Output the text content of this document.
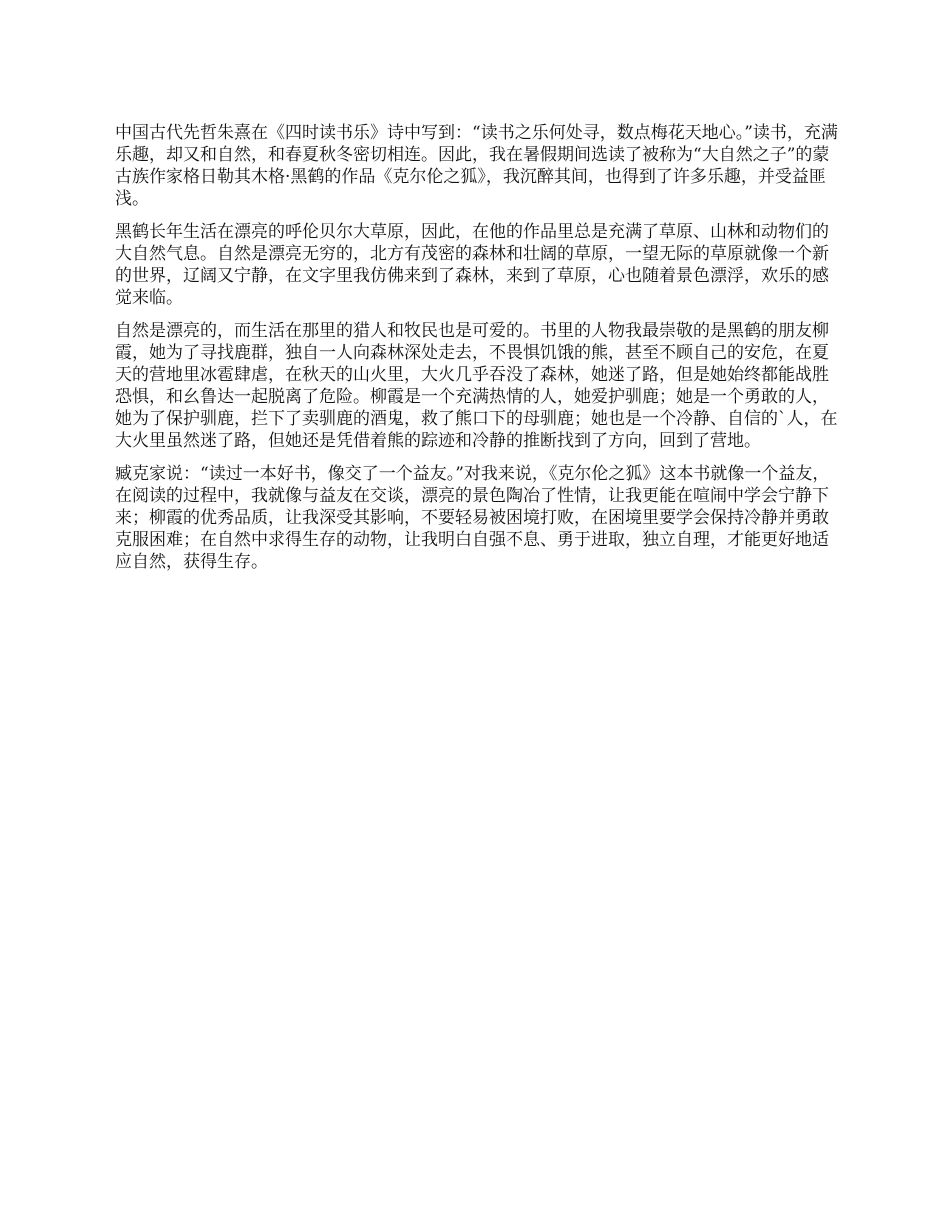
中国古代先哲朱熹在《四时读书乐》诗中写到：“读书之乐何处寻，数点梅花天地心。”读书，充满乐趣，却又和自然，和春夏秋冬密切相连。因此，我在暑假期间选读了被称为“大自然之子”的蒙古族作家格日勒其木格·黑鹤的作品《克尔伦之狐》，我沉醉其间，也得到了许多乐趣，并受益匪浅。

黑鹤长年生活在漂亮的呼伦贝尔大草原，因此，在他的作品里总是充满了草原、山林和动物们的大自然气息。自然是漂亮无穷的，北方有茂密的森林和壮阔的草原，一望无际的草原就像一个新的世界，辽阔又宁静，在文字里我仿佛来到了森林，来到了草原，心也随着景色漂浮，欢乐的感觉来临。

自然是漂亮的，而生活在那里的猎人和牧民也是可爱的。书里的人物我最崇敬的是黑鹤的朋友柳霞，她为了寻找鹿群，独自一人向森林深处走去，不畏惧饥饿的熊，甚至不顾自己的安危，在夏天的营地里冰雹肆虐，在秋天的山火里，大火几乎吞没了森林，她迷了路，但是她始终都能战胜恐惧，和幺鲁达一起脱离了危险。柳霞是一个充满热情的人，她爱护驯鹿；她是一个勇敢的人，她为了保护驯鹿，拦下了卖驯鹿的酒鬼，救了熊口下的母驯鹿；她也是一个冷静、自信的`人，在大火里虽然迷了路，但她还是凭借着熊的踪迹和冷静的推断找到了方向，回到了营地。

臧克家说：“读过一本好书，像交了一个益友。”对我来说，《克尔伦之狐》这本书就像一个益友，在阅读的过程中，我就像与益友在交谈，漂亮的景色陶冶了性情，让我更能在喧闹中学会宁静下来；柳霞的优秀品质，让我深受其影响，不要轻易被困境打败，在困境里要学会保持冷静并勇敢克服困难；在自然中求得生存的动物，让我明白自强不息、勇于进取，独立自理，才能更好地适应自然，获得生存。
